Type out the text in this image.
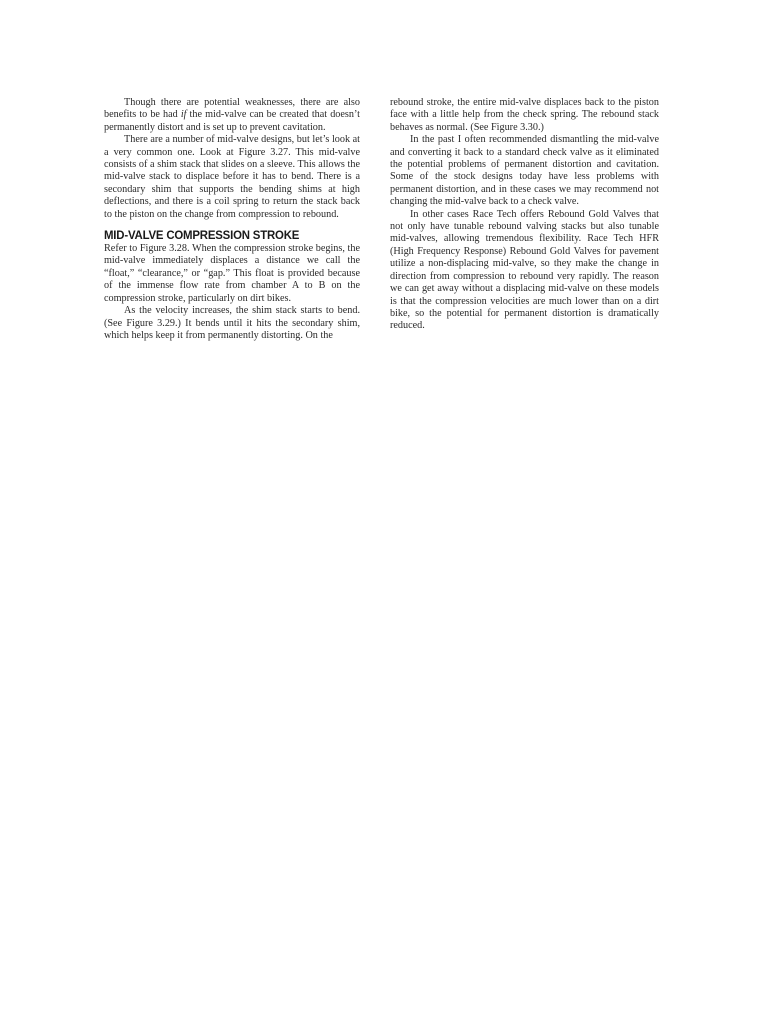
Though there are potential weaknesses, there are also benefits to be had if the mid-valve can be created that doesn’t permanently distort and is set up to prevent cavitation.

There are a number of mid-valve designs, but let’s look at a very common one. Look at Figure 3.27. This mid-valve consists of a shim stack that slides on a sleeve. This allows the mid-valve stack to displace before it has to bend. There is a secondary shim that supports the bending shims at high deflections, and there is a coil spring to return the stack back to the piston on the change from compression to rebound.

MID-VALVE COMPRESSION STROKE

Refer to Figure 3.28. When the compression stroke begins, the mid-valve immediately displaces a distance we call the “float,” “clearance,” or “gap.” This float is provided because of the immense flow rate from chamber A to B on the compression stroke, particularly on dirt bikes.

As the velocity increases, the shim stack starts to bend. (See Figure 3.29.) It bends until it hits the secondary shim, which helps keep it from permanently distorting. On the

rebound stroke, the entire mid-valve displaces back to the piston face with a little help from the check spring. The rebound stack behaves as normal. (See Figure 3.30.)

In the past I often recommended dismantling the mid-valve and converting it back to a standard check valve as it eliminated the potential problems of permanent distortion and cavitation. Some of the stock designs today have less problems with permanent distortion, and in these cases we may recommend not changing the mid-valve back to a check valve.

In other cases Race Tech offers Rebound Gold Valves that not only have tunable rebound valving stacks but also tunable mid-valves, allowing tremendous flexibility. Race Tech HFR (High Frequency Response) Rebound Gold Valves for pavement utilize a non-displacing mid-valve, so they make the change in direction from compression to rebound very rapidly. The reason we can get away without a displacing mid-valve on these models is that the compression velocities are much lower than on a dirt bike, so the potential for permanent distortion is dramatically reduced.
